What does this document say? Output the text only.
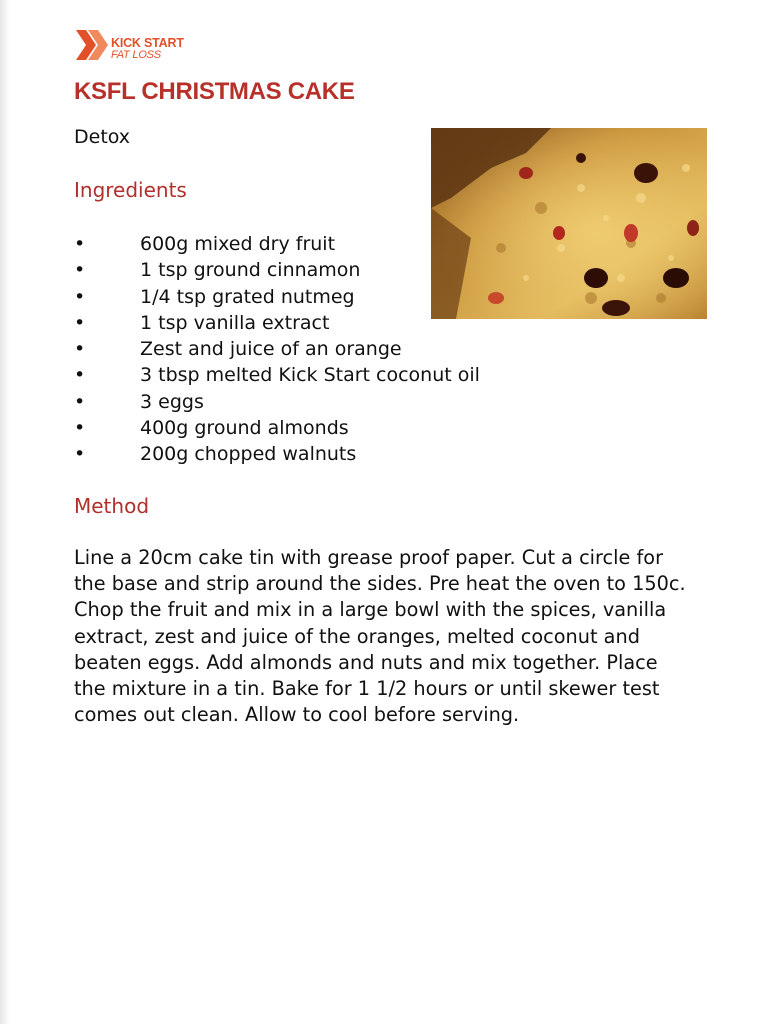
KICK START
FAT LOSS
KSFL CHRISTMAS CAKE
Detox
Ingredients
•	600g mixed dry fruit
•	1 tsp ground cinnamon
•	1/4 tsp grated nutmeg
•	1 tsp vanilla extract
•	Zest and juice of an orange
•	3 tbsp melted Kick Start coconut oil
•	3 eggs
•	400g ground almonds
•	200g chopped walnuts
Method

Line a 20cm cake tin with grease proof paper. Cut a circle for
the base and strip around the sides. Pre heat the oven to 150c.
Chop the fruit and mix in a large bowl with the spices, vanilla
extract, zest and juice of the oranges, melted coconut and
beaten eggs. Add almonds and nuts and mix together. Place
the mixture in a tin. Bake for 1 1/2 hours or until skewer test
comes out clean. Allow to cool before serving.
